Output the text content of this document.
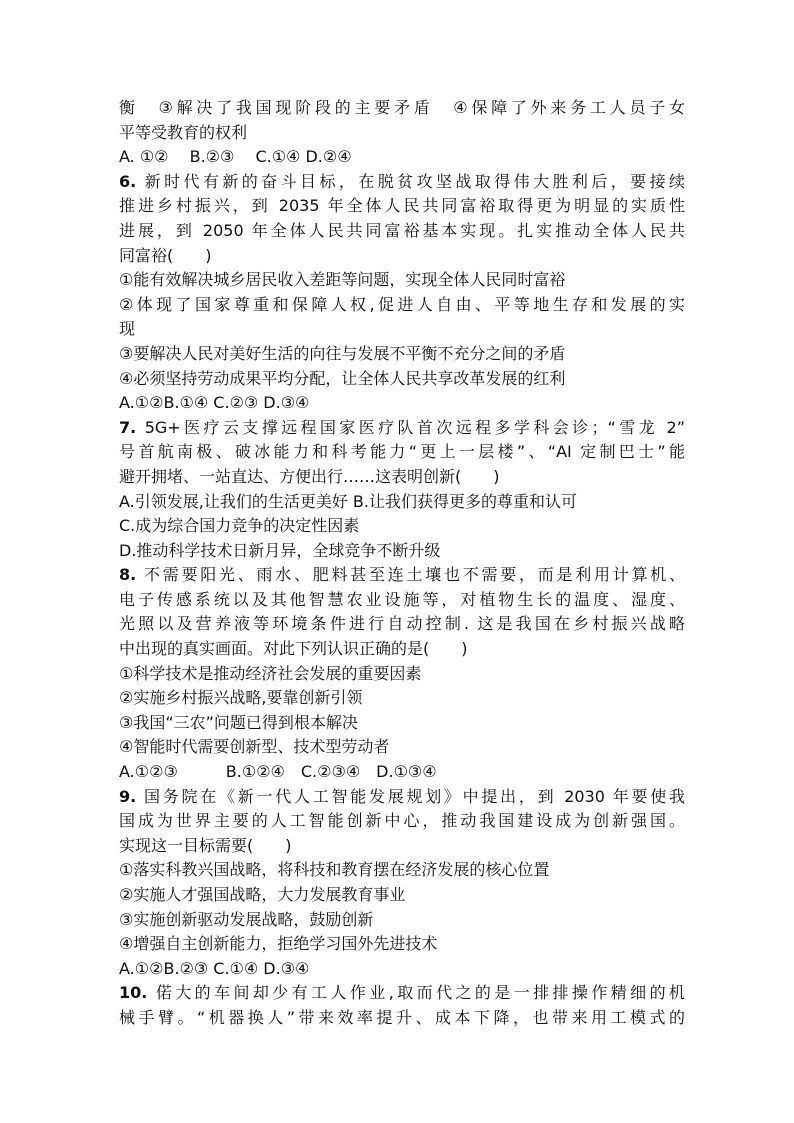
衡　③解决了我国现阶段的主要矛盾　④保障了外来务工人员子女
平等受教育的权利
A. ①②　 B.②③　 C.①④ D.②④
6. 新时代有新的奋斗目标，在脱贫攻坚战取得伟大胜利后，要接续
推进乡村振兴，到 2035 年全体人民共同富裕取得更为明显的实质性
进展，到 2050 年全体人民共同富裕基本实现。扎实推动全体人民共
同富裕(　　)
①能有效解决城乡居民收入差距等问题，实现全体人民同时富裕
②体现了国家尊重和保障人权,促进人自由、平等地生存和发展的实
现
③要解决人民对美好生活的向往与发展不平衡不充分之间的矛盾
④必须坚持劳动成果平均分配，让全体人民共享改革发展的红利
A.①②B.①④ C.②③ D.③④
7. 5G+医疗云支撑远程国家医疗队首次远程多学科会诊；“雪龙 2”
号首航南极、破冰能力和科考能力“更上一层楼”、“AI 定制巴士”能
避开拥堵、一站直达、方便出行……这表明创新(　　)
A.引领发展,让我们的生活更美好 B.让我们获得更多的尊重和认可
C.成为综合国力竞争的决定性因素
D.推动科学技术日新月异，全球竞争不断升级
8. 不需要阳光、雨水、肥料甚至连土壤也不需要，而是利用计算机、
电子传感系统以及其他智慧农业设施等，对植物生长的温度、湿度、
光照以及营养液等环境条件进行自动控制. 这是我国在乡村振兴战略
中出现的真实画面。对此下列认识正确的是(　　)
①科学技术是推动经济社会发展的重要因素
②实施乡村振兴战略,要靠创新引领
③我国“三农”问题已得到根本解决
④智能时代需要创新型、技术型劳动者
A.①②③　　　B.①②④　C.②③④　D.①③④
9. 国务院在《新一代人工智能发展规划》中提出，到 2030 年要使我
国成为世界主要的人工智能创新中心，推动我国建设成为创新强国。
实现这一目标需要(　　)
①落实科教兴国战略，将科技和教育摆在经济发展的核心位置
②实施人才强国战略，大力发展教育事业
③实施创新驱动发展战略，鼓励创新
④增强自主创新能力，拒绝学习国外先进技术
A.①②B.②③ C.①④ D.③④
10. 偌大的车间却少有工人作业,取而代之的是一排排操作精细的机
械手臂。“机器换人”带来效率提升、成本下降，也带来用工模式的
